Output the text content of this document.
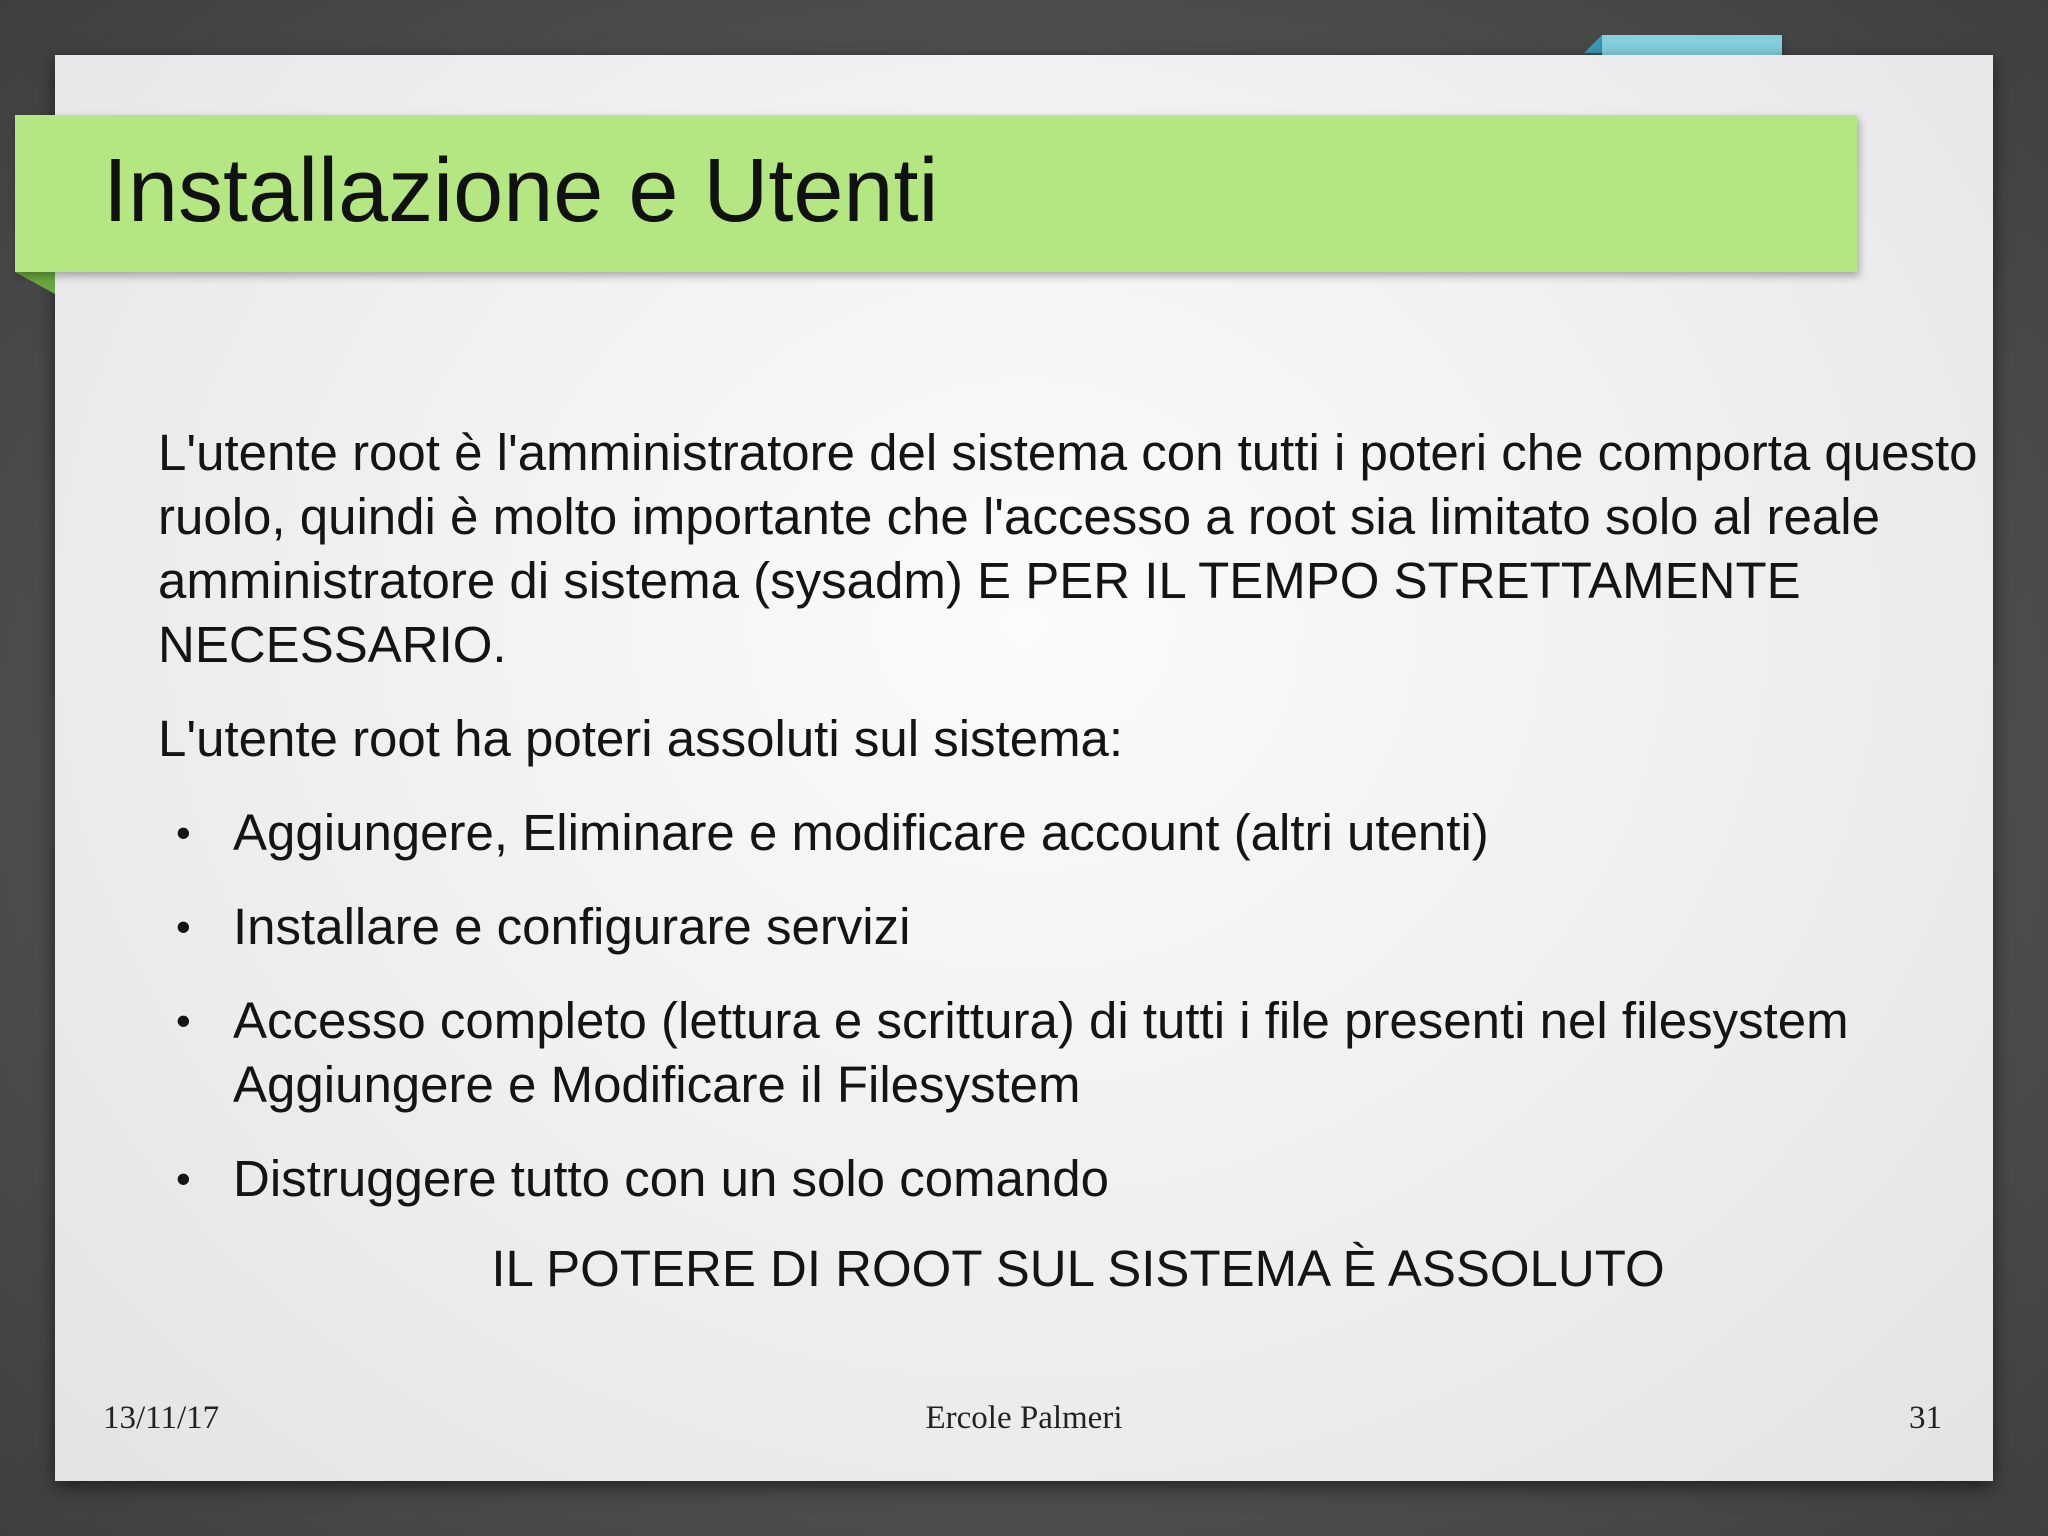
L'utente root è l'amministratore del sistema con tutti i poteri che comporta questo ruolo, quindi è molto importante che l'accesso a root sia limitato solo al reale amministratore di sistema (sysadm) E PER IL TEMPO STRETTAMENTE NECESSARIO.

L'utente root ha poteri assoluti sul sistema:

• Aggiungere, Eliminare e modificare account (altri utenti)
• Installare e configurare servizi
• Accesso completo (lettura e scrittura) di tutti i file presenti nel filesystem Aggiungere e Modificare il Filesystem
• Distruggere tutto con un solo comando
IL POTERE DI ROOT SUL SISTEMA È ASSOLUTO
Installazione e Utenti
13/11/17	Ercole Palmeri	31
